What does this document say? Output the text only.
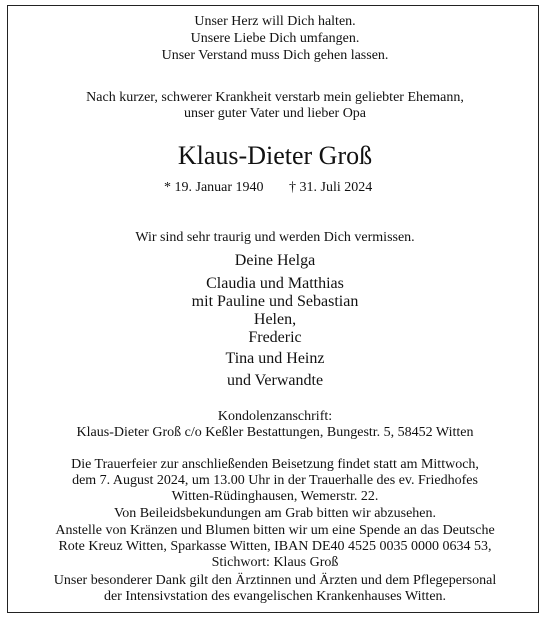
Unser Herz will Dich halten.
Unsere Liebe Dich umfangen.
Unser Verstand muss Dich gehen lassen.
Nach kurzer, schwerer Krankheit verstarb mein geliebter Ehemann,
unser guter Vater und lieber Opa
Klaus-Dieter Groß
* 19. Januar 1940 † 31. Juli 2024
Wir sind sehr traurig und werden Dich vermissen.
Deine Helga
Claudia und Matthias
mit Pauline und Sebastian
Helen,
Frederic
Tina und Heinz
und Verwandte
Kondolenzanschrift:
Klaus-Dieter Groß c/o Keßler Bestattungen, Bungestr. 5, 58452 Witten
Die Trauerfeier zur anschließenden Beisetzung findet statt am Mittwoch,
dem 7. August 2024, um 13.00 Uhr in der Trauerhalle des ev. Friedhofes
Witten-Rüdinghausen, Wemerstr. 22.
Von Beileidsbekundungen am Grab bitten wir abzusehen.
Anstelle von Kränzen und Blumen bitten wir um eine Spende an das Deutsche
Rote Kreuz Witten, Sparkasse Witten, IBAN DE40 4525 0035 0000 0634 53,
Stichwort: Klaus Groß
Unser besonderer Dank gilt den Ärztinnen und Ärzten und dem Pflegepersonal
der Intensivstation des evangelischen Krankenhauses Witten.
